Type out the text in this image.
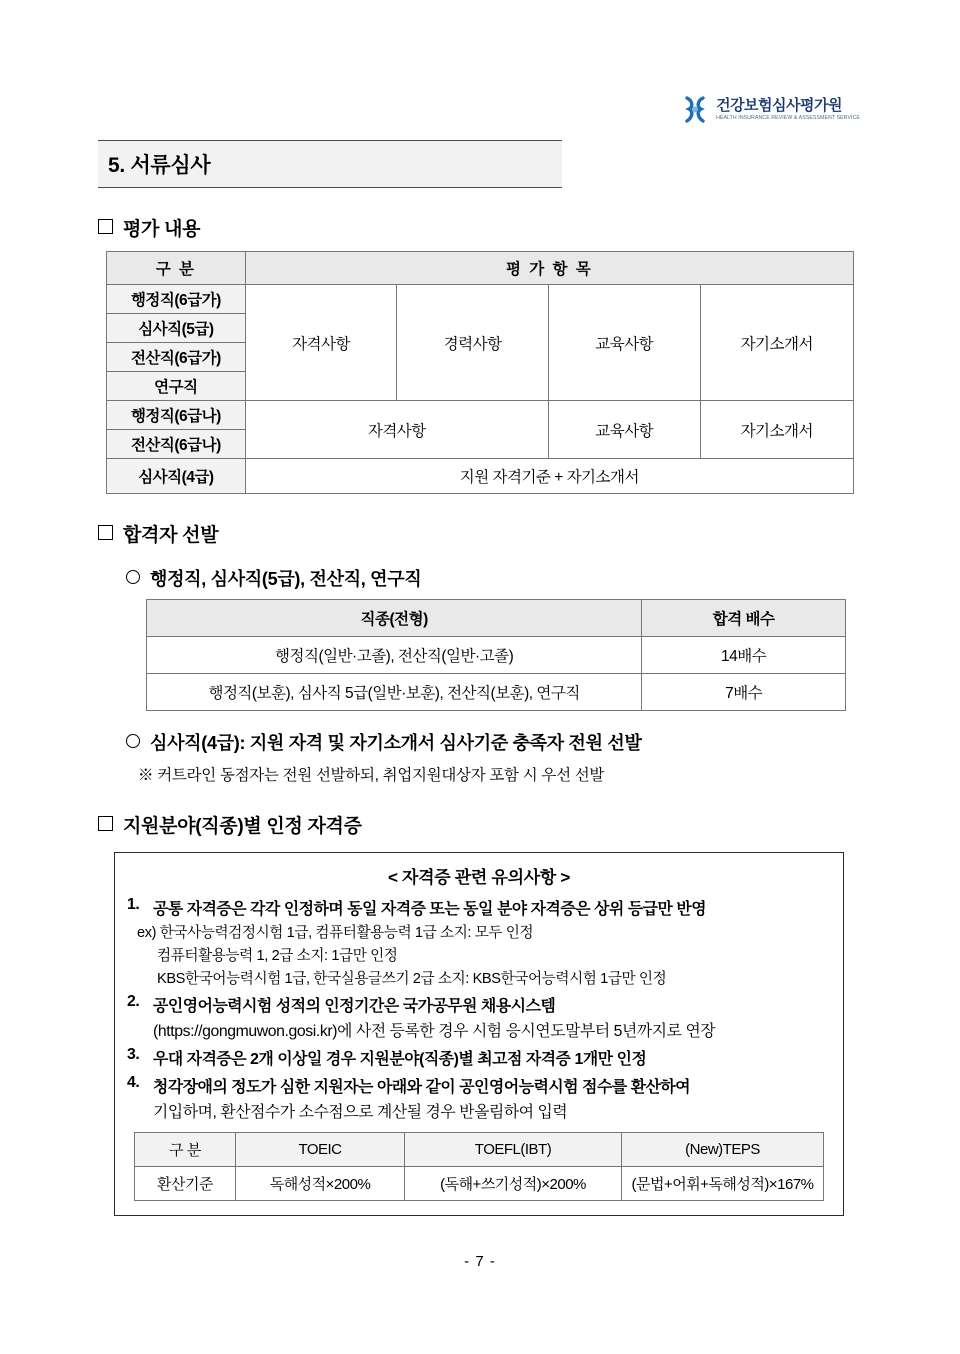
건강보험심사평가원
HEALTH INSURANCE REVIEW & ASSESSMENT SERVICE
5. 서류심사
평가 내용
구 분	평 가 항 목			
행정직(6급가)	자격사항	경력사항	교육사항	자기소개서
심사직(5급)				
전산직(6급가)				
연구직				
행정직(6급나)	자격사항		교육사항	자기소개서
전산직(6급나)				
심사직(4급)	지원 자격기준 + 자기소개서			
합격자 선발
행정직, 심사직(5급), 전산직, 연구직
직종(전형)	합격 배수
행정직(일반·고졸), 전산직(일반·고졸)	14배수
행정직(보훈), 심사직 5급(일반·보훈), 전산직(보훈), 연구직	7배수
심사직(4급): 지원 자격 및 자기소개서 심사기준 충족자 전원 선발
※ 커트라인 동점자는 전원 선발하되, 취업지원대상자 포함 시 우선 선발
지원분야(직종)별 인정 자격증
< 자격증 관련 유의사항 >
1. 공통 자격증은 각각 인정하며 동일 자격증 또는 동일 분야 자격증은 상위 등급만 반영
ex) 한국사능력검정시험 1급, 컴퓨터활용능력 1급 소지: 모두 인정
컴퓨터활용능력 1, 2급 소지: 1급만 인정
KBS한국어능력시험 1급, 한국실용글쓰기 2급 소지: KBS한국어능력시험 1급만 인정
2. 공인영어능력시험 성적의 인정기간은 국가공무원 채용시스템
(https://gongmuwon.gosi.kr)에 사전 등록한 경우 시험 응시연도말부터 5년까지로 연장
3. 우대 자격증은 2개 이상일 경우 지원분야(직종)별 최고점 자격증 1개만 인정
4. 청각장애의 정도가 심한 지원자는 아래와 같이 공인영어능력시험 점수를 환산하여
기입하며, 환산점수가 소수점으로 계산될 경우 반올림하여 입력
구 분	TOEIC	TOEFL(IBT)	(New)TEPS
환산기준	독해성적×200%	(독해+쓰기성적)×200%	(문법+어휘+독해성적)×167%
- 7 -
